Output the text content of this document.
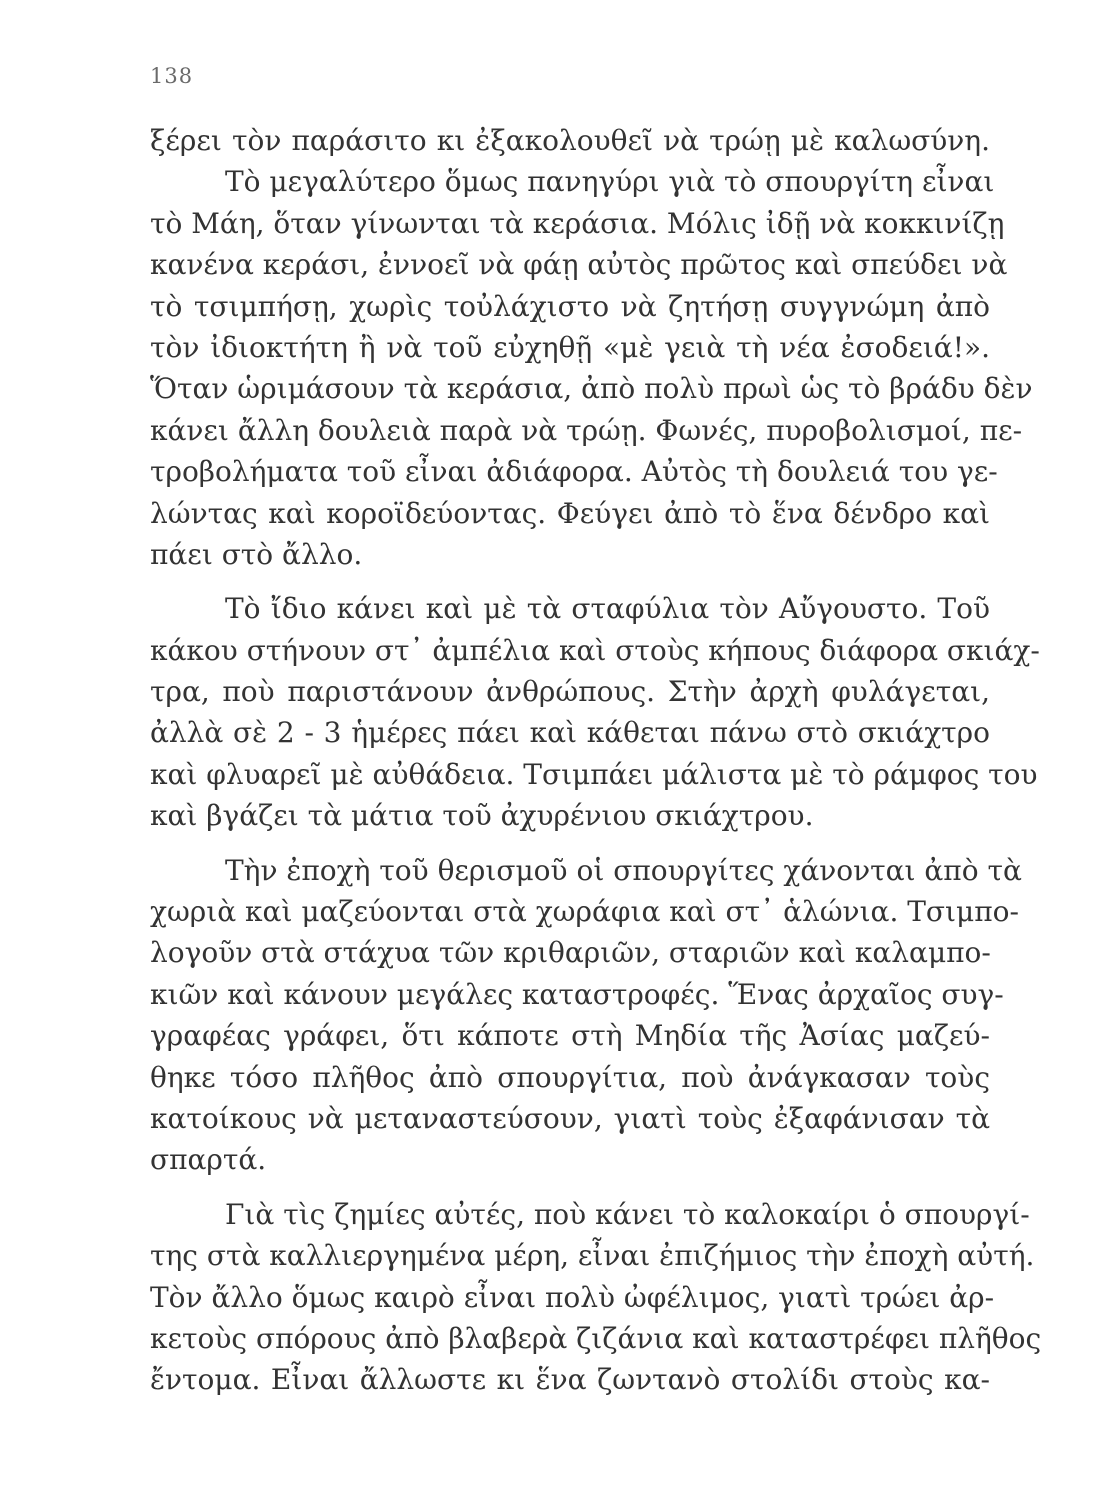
138
ξέρει τὸν παράσιτο κι ἐξακολουθεῖ νὰ τρώῃ μὲ καλωσύνη.
Τὸ μεγαλύτερο ὅμως πανηγύρι γιὰ τὸ σπουργίτη εἶναι
τὸ Μάη, ὅταν γίνωνται τὰ κεράσια. Μόλις ἰδῇ νὰ κοκκινίζῃ
κανένα κεράσι, ἐννοεῖ νὰ φάῃ αὐτὸς πρῶτος καὶ σπεύδει νὰ
τὸ τσιμπήσῃ, χωρὶς τοὐλάχιστο νὰ ζητήσῃ συγγνώμη ἀπὸ
τὸν ἰδιοκτήτη ἢ νὰ τοῦ εὐχηθῇ «μὲ γειὰ τὴ νέα ἐσοδειά!».
Ὅταν ὡριμάσουν τὰ κεράσια, ἀπὸ πολὺ πρωὶ ὡς τὸ βράδυ δὲν
κάνει ἄλλη δουλειὰ παρὰ νὰ τρώῃ. Φωνές, πυροβολισμοί, πε-
τροβολήματα τοῦ εἶναι ἀδιάφορα. Αὐτὸς τὴ δουλειά του γε-
λώντας καὶ κοροϊδεύοντας. Φεύγει ἀπὸ τὸ ἕνα δένδρο καὶ
πάει στὸ ἄλλο.
Τὸ ἴδιο κάνει καὶ μὲ τὰ σταφύλια τὸν Αὔγουστο. Τοῦ
κάκου στήνουν στ᾽ ἀμπέλια καὶ στοὺς κήπους διάφορα σκιάχ-
τρα, ποὺ παριστάνουν ἀνθρώπους. Στὴν ἀρχὴ φυλάγεται,
ἀλλὰ σὲ 2 - 3 ἡμέρες πάει καὶ κάθεται πάνω στὸ σκιάχτρο
καὶ φλυαρεῖ μὲ αὐθάδεια. Τσιμπάει μάλιστα μὲ τὸ ράμφος του
καὶ βγάζει τὰ μάτια τοῦ ἀχυρένιου σκιάχτρου.
Τὴν ἐποχὴ τοῦ θερισμοῦ οἱ σπουργίτες χάνονται ἀπὸ τὰ
χωριὰ καὶ μαζεύονται στὰ χωράφια καὶ στ᾽ ἁλώνια. Τσιμπο-
λογοῦν στὰ στάχυα τῶν κριθαριῶν, σταριῶν καὶ καλαμπο-
κιῶν καὶ κάνουν μεγάλες καταστροφές. Ἕνας ἀρχαῖος συγ-
γραφέας γράφει, ὅτι κάποτε στὴ Μηδία τῆς Ἀσίας μαζεύ-
θηκε τόσο πλῆθος ἀπὸ σπουργίτια, ποὺ ἀνάγκασαν τοὺς
κατοίκους νὰ μεταναστεύσουν, γιατὶ τοὺς ἐξαφάνισαν τὰ
σπαρτά.
Γιὰ τὶς ζημίες αὐτές, ποὺ κάνει τὸ καλοκαίρι ὁ σπουργί-
της στὰ καλλιεργημένα μέρη, εἶναι ἐπιζήμιος τὴν ἐποχὴ αὐτή.
Τὸν ἄλλο ὅμως καιρὸ εἶναι πολὺ ὠφέλιμος, γιατὶ τρώει ἀρ-
κετοὺς σπόρους ἀπὸ βλαβερὰ ζιζάνια καὶ καταστρέφει πλῆθος
ἔντομα. Εἶναι ἄλλωστε κι ἕνα ζωντανὸ στολίδι στοὺς κα-
